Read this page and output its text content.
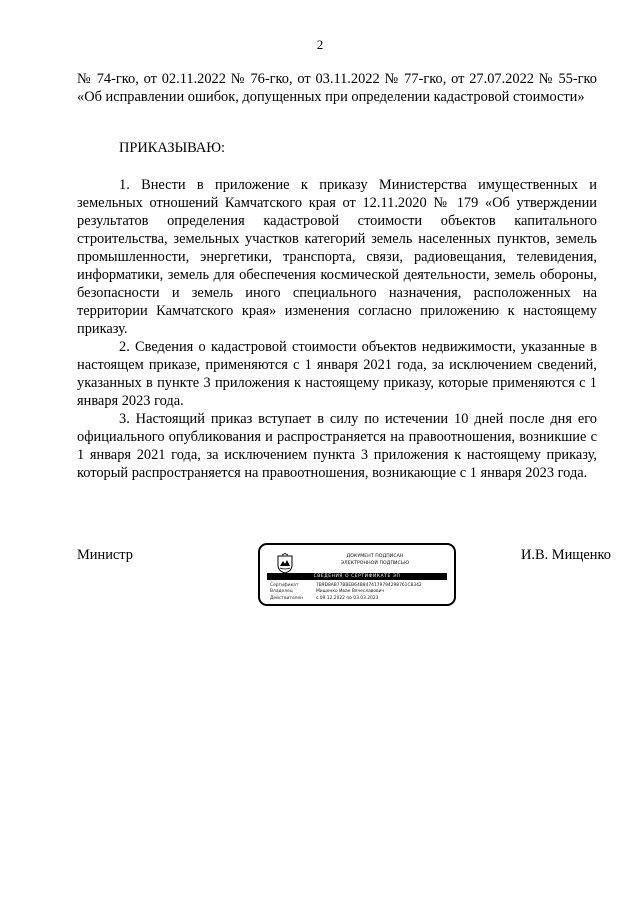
2

№ 74-гко, от 02.11.2022 № 76-гко, от 03.11.2022 № 77-гко, от 27.07.2022 № 55-гко «Об исправлении ошибок, допущенных при определении кадастровой стоимости»

ПРИКАЗЫВАЮ:

1. Внести в приложение к приказу Министерства имущественных и земельных отношений Камчатского края от 12.11.2020 № 179 «Об утверждении результатов определения кадастровой стоимости объектов капитального строительства, земельных участков категорий земель населенных пунктов, земель промышленности, энергетики, транспорта, связи, радиовещания, телевидения, информатики, земель для обеспечения космической деятельности, земель обороны, безопасности и земель иного специального назначения, расположенных на территории Камчатского края» изменения согласно приложению к настоящему приказу.

2. Сведения о кадастровой стоимости объектов недвижимости, указанные в настоящем приказе, применяются с 1 января 2021 года, за исключением сведений, указанных в пункте 3 приложения к настоящему приказу, которые применяются с 1 января 2023 года.

3. Настоящий приказ вступает в силу по истечении 10 дней после дня его официального опубликования и распространяется на правоотношения, возникшие с 1 января 2021 года, за исключением пункта 3 приложения к настоящему приказу, который распространяется на правоотношения, возникающие с 1 января 2023 года.

Министр	ДОКУМЕНТ ПОДПИСАН
ЭЛЕКТРОННОЙ ПОДПИСЬЮ
СВЕДЕНИЯ О СЕРТИФИКАТЕ ЭП
Сертификат	7B9D8AB77BBEB64B8474179794298761C8342
Владелец	Мищенко Иван Вячеславович
Действителен	с 09.12.2022 по 03.03.2023
И.В. Мищенко
